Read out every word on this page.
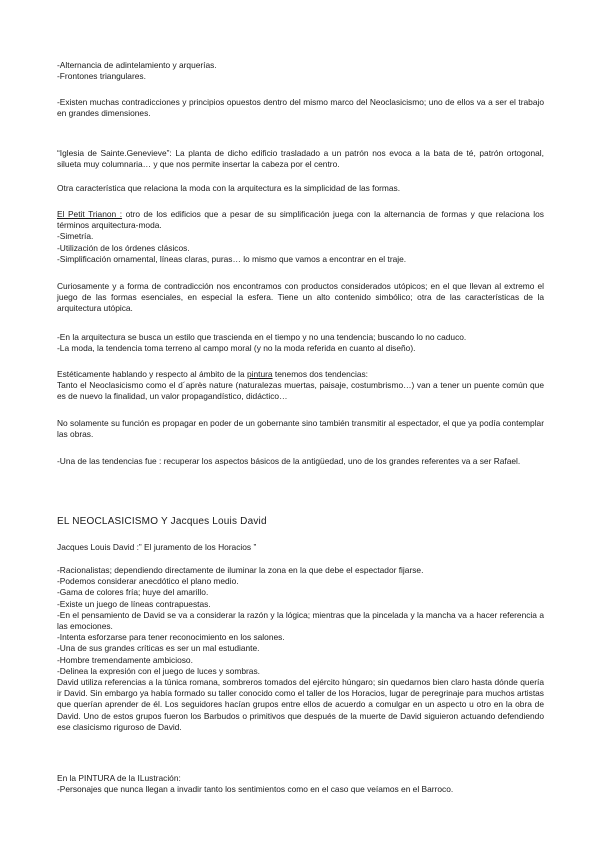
-Alternancia de adintelamiento y arquerías.

-Frontones triangulares.

-Existen muchas contradicciones y principios opuestos dentro del mismo marco del Neoclasicismo; uno de ellos va a ser el trabajo en grandes dimensiones.

“Iglesia de Sainte.Genevieve”: La planta de dicho edificio trasladado a un patrón nos evoca a la bata de té, patrón ortogonal, silueta muy columnaria… y que nos permite insertar la cabeza por el centro.

Otra característica que relaciona la moda con la arquitectura es la simplicidad de las formas.

El Petit Trianon : otro de los edificios que a pesar de su simplificación juega con la alternancia de formas y que relaciona los términos arquitectura-moda.

-Simetría.

-Utilización de los órdenes clásicos.

-Simplificación ornamental, líneas claras, puras… lo mismo que vamos a encontrar en el traje.

Curiosamente y a forma de contradicción nos encontramos con productos considerados utópicos; en el que llevan al extremo el juego de las formas esenciales, en especial la esfera. Tiene un alto contenido simbólico; otra de las características de la arquitectura utópica.

-En la arquitectura se busca un estilo que trascienda en el tiempo y no una tendencia; buscando lo no caduco.

-La moda, la tendencia toma terreno al campo moral (y no la moda referida en cuanto al diseño).

Estéticamente hablando y respecto al ámbito de la pintura tenemos dos tendencias:

Tanto el Neoclasicismo como el d´après nature (naturalezas muertas, paisaje, costumbrismo…) van a tener un puente común que es de nuevo la finalidad, un valor propagandístico, didáctico…

No solamente su función es propagar en poder de un gobernante sino también transmitir al espectador, el que ya podía contemplar las obras.

-Una de las tendencias fue : recuperar los aspectos básicos de la antigüedad, uno de los grandes referentes va a ser Rafael.

EL NEOCLASICISMO Y Jacques Louis David
Jacques Louis David :” El juramento de los Horacios ”

-Racionalistas; dependiendo directamente de iluminar la zona en la que debe el espectador fijarse.

-Podemos considerar anecdótico el plano medio.

-Gama de colores fría; huye del amarillo.

-Existe un juego de líneas contrapuestas.

-En el pensamiento de David se va a considerar la razón y la lógica; mientras que la pincelada y la mancha va a hacer referencia a las emociones.

-Intenta esforzarse para tener reconocimiento en los salones.

-Una de sus grandes críticas es ser un mal estudiante.

-Hombre tremendamente ambicioso.

-Delinea la expresión con el juego de luces y sombras.

David utiliza referencias a la túnica romana, sombreros tomados del ejército húngaro; sin quedarnos bien claro hasta dónde quería ir David. Sin embargo ya había formado su taller conocido como el taller de los Horacios, lugar de peregrinaje para muchos artistas que querían aprender de él. Los seguidores hacían grupos entre ellos de acuerdo a comulgar en un aspecto u otro en la obra de David. Uno de estos grupos fueron los Barbudos o primitivos que después de la muerte de David siguieron actuando defendiendo ese clasicismo riguroso de David.

En la PINTURA de la ILustración:

-Personajes que nunca llegan a invadir tanto los sentimientos como en el caso que veíamos en el Barroco.
